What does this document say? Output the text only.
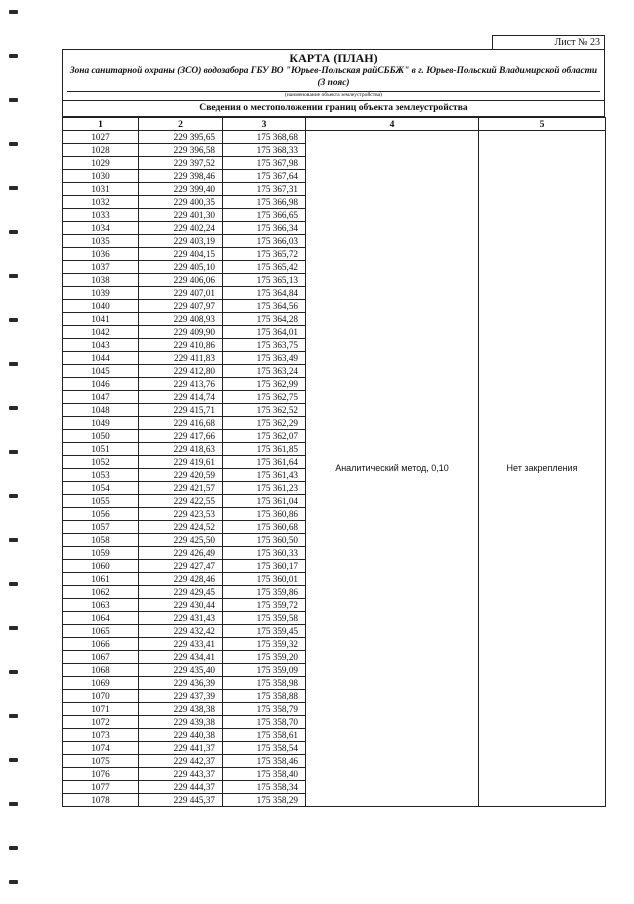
Лист № 23
КАРТА (ПЛАН)
Зона санитарной охраны (ЗСО) водозабора ГБУ ВО "Юрьев-Польская райСББЖ" в г. Юрьев-Польский Владимирской области (3 пояс)
(наименование объекта землеустройства)
Сведения о местоположении границ объекта землеустройства
1	2	3	4	5
1027	229 395,65	175 368,68	Аналитический метод, 0,10	Нет закрепления
1028	229 396,58	175 368,33		
1029	229 397,52	175 367,98		
1030	229 398,46	175 367,64		
1031	229 399,40	175 367,31		
1032	229 400,35	175 366,98		
1033	229 401,30	175 366,65		
1034	229 402,24	175 366,34		
1035	229 403,19	175 366,03		
1036	229 404,15	175 365,72		
1037	229 405,10	175 365,42		
1038	229 406,06	175 365,13		
1039	229 407,01	175 364,84		
1040	229 407,97	175 364,56		
1041	229 408,93	175 364,28		
1042	229 409,90	175 364,01		
1043	229 410,86	175 363,75		
1044	229 411,83	175 363,49		
1045	229 412,80	175 363,24		
1046	229 413,76	175 362,99		
1047	229 414,74	175 362,75		
1048	229 415,71	175 362,52		
1049	229 416,68	175 362,29		
1050	229 417,66	175 362,07		
1051	229 418,63	175 361,85		
1052	229 419,61	175 361,64		
1053	229 420,59	175 361,43		
1054	229 421,57	175 361,23		
1055	229 422,55	175 361,04		
1056	229 423,53	175 360,86		
1057	229 424,52	175 360,68		
1058	229 425,50	175 360,50		
1059	229 426,49	175 360,33		
1060	229 427,47	175 360,17		
1061	229 428,46	175 360,01		
1062	229 429,45	175 359,86		
1063	229 430,44	175 359,72		
1064	229 431,43	175 359,58		
1065	229 432,42	175 359,45		
1066	229 433,41	175 359,32		
1067	229 434,41	175 359,20		
1068	229 435,40	175 359,09		
1069	229 436,39	175 358,98		
1070	229 437,39	175 358,88		
1071	229 438,38	175 358,79		
1072	229 439,38	175 358,70		
1073	229 440,38	175 358,61		
1074	229 441,37	175 358,54		
1075	229 442,37	175 358,46		
1076	229 443,37	175 358,40		
1077	229 444,37	175 358,34		
1078	229 445,37	175 358,29		
